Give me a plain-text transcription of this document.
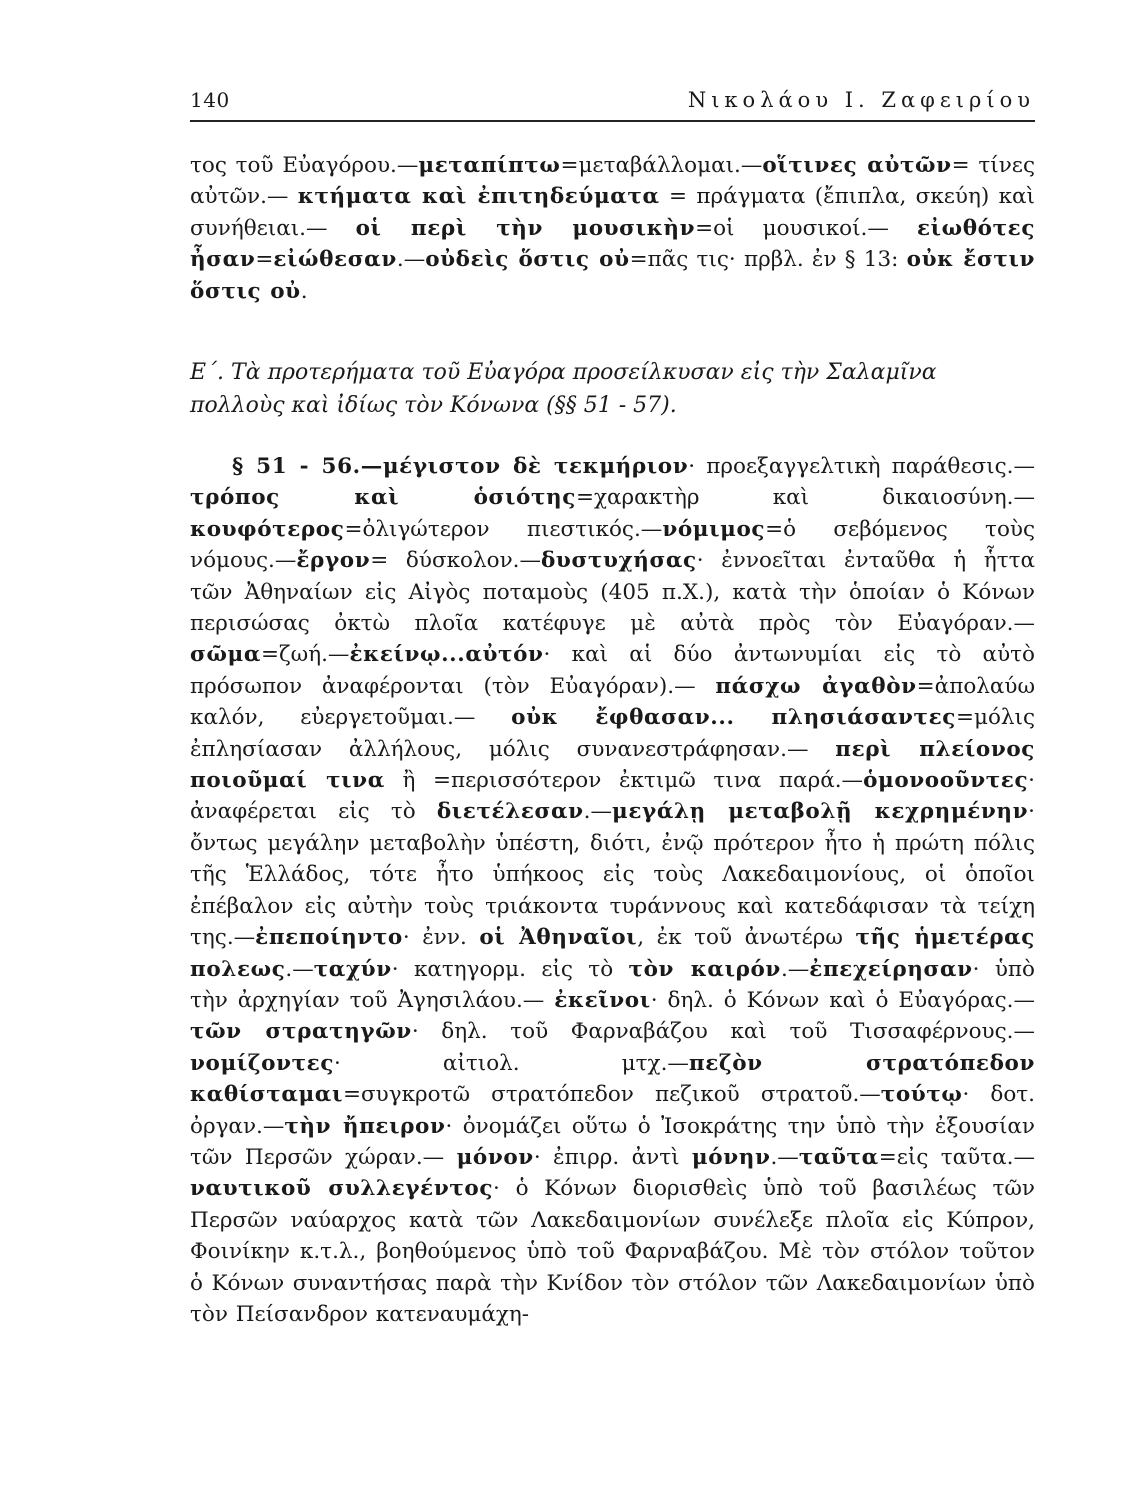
140	Νικολάου Ι. Ζαφειρίου

τος τοῦ Εὐαγόρου.—μεταπίπτω=μεταβάλλομαι.—οἵτινες αὐτῶν= τίνες αὐτῶν.— κτήματα καὶ ἐπιτηδεύματα = πράγματα (ἔπιπλα, σκεύη) καὶ συνήθειαι.— οἱ περὶ τὴν μουσικὴν=οἱ μουσικοί.— εἰωθότες ἦσαν=εἰώθεσαν.—οὐδεὶς ὅστις οὐ=πᾶς τις· πρβλ. ἐν § 13: οὐκ ἔστιν ὅστις οὐ.

Ε΄. Τὰ προτερήματα τοῦ Εὐαγόρα προσείλκυσαν εἰς τὴν Σαλαμῖνα πολλοὺς καὶ ἰδίως τὸν Κόνωνα (§§ 51 - 57).

§ 51 - 56.—μέγιστον δὲ τεκμήριον· προεξαγγελτικὴ παράθεσις.— τρόπος καὶ ὁσιότης=χαρακτὴρ καὶ δικαιοσύνη.— κουφότερος=ὀλιγώτερον πιεστικός.—νόμιμος=ὁ σεβόμενος τοὺς νόμους.—ἔργον= δύσκολον.—δυστυχήσας· ἐννοεῖται ἐνταῦθα ἡ ἧττα τῶν Ἀθηναίων εἰς Αἰγὸς ποταμοὺς (405 π.Χ.), κατὰ τὴν ὁποίαν ὁ Κόνων περισώσας ὀκτὼ πλοῖα κατέφυγε μὲ αὐτὰ πρὸς τὸν Εὐαγόραν.—σῶμα=ζωή.—ἐκείνῳ...αὐτόν· καὶ αἱ δύο ἀντωνυμίαι εἰς τὸ αὐτὸ πρόσωπον ἀναφέρονται (τὸν Εὐαγόραν).— πάσχω ἀγαθὸν=ἀπολαύω καλόν, εὐεργετοῦμαι.— οὐκ ἔφθασαν... πλησιάσαντες=μόλις ἐπλησίασαν ἀλλήλους, μόλις συνανεστράφησαν.— περὶ πλείονος ποιοῦμαί τινα ἢ =περισσότερον ἐκτιμῶ τινα παρά.—ὁμονοοῦντες· ἀναφέρεται εἰς τὸ διετέλεσαν.—μεγάλῃ μεταβολῇ κεχρημένην· ὄντως μεγάλην μεταβολὴν ὑπέστη, διότι, ἐνῷ πρότερον ἦτο ἡ πρώτη πόλις τῆς Ἑλλάδος, τότε ἦτο ὑπήκοος εἰς τοὺς Λακεδαιμονίους, οἱ ὁποῖοι ἐπέβαλον εἰς αὐτὴν τοὺς τριάκοντα τυράννους καὶ κατεδάφισαν τὰ τείχη της.—ἐπεποίηντο· ἐνν. οἱ Ἀθηναῖοι, ἐκ τοῦ ἀνωτέρω τῆς ἡμετέρας πολεως.—ταχύν· κατηγορμ. εἰς τὸ τὸν καιρόν.—ἐπεχείρησαν· ὑπὸ τὴν ἀρχηγίαν τοῦ Ἀγησιλάου.— ἐκεῖνοι· δηλ. ὁ Κόνων καὶ ὁ Εὐαγόρας.— τῶν στρατηγῶν· δηλ. τοῦ Φαρναβάζου καὶ τοῦ Τισσαφέρνους.—νομίζοντες· αἰτιολ. μτχ.—πεζὸν στρατόπεδον καθίσταμαι=συγκροτῶ στρατόπεδον πεζικοῦ στρατοῦ.—τούτῳ· δοτ. ὀργαν.—τὴν ἤπειρον· ὀνομάζει οὕτω ὁ Ἰσοκράτης την ὑπὸ τὴν ἐξουσίαν τῶν Περσῶν χώραν.— μόνον· ἐπιρρ. ἀντὶ μόνην.—ταῦτα=εἰς ταῦτα.—ναυτικοῦ συλλεγέντος· ὁ Κόνων διορισθεὶς ὑπὸ τοῦ βασιλέως τῶν Περσῶν ναύαρχος κατὰ τῶν Λακεδαιμονίων συνέλεξε πλοῖα εἰς Κύπρον, Φοινίκην κ.τ.λ., βοηθούμενος ὑπὸ τοῦ Φαρναβάζου. Μὲ τὸν στόλον τοῦτον ὁ Κόνων συναντήσας παρὰ τὴν Κνίδον τὸν στόλον τῶν Λακεδαιμονίων ὑπὸ τὸν Πείσανδρον κατεναυμάχη-
